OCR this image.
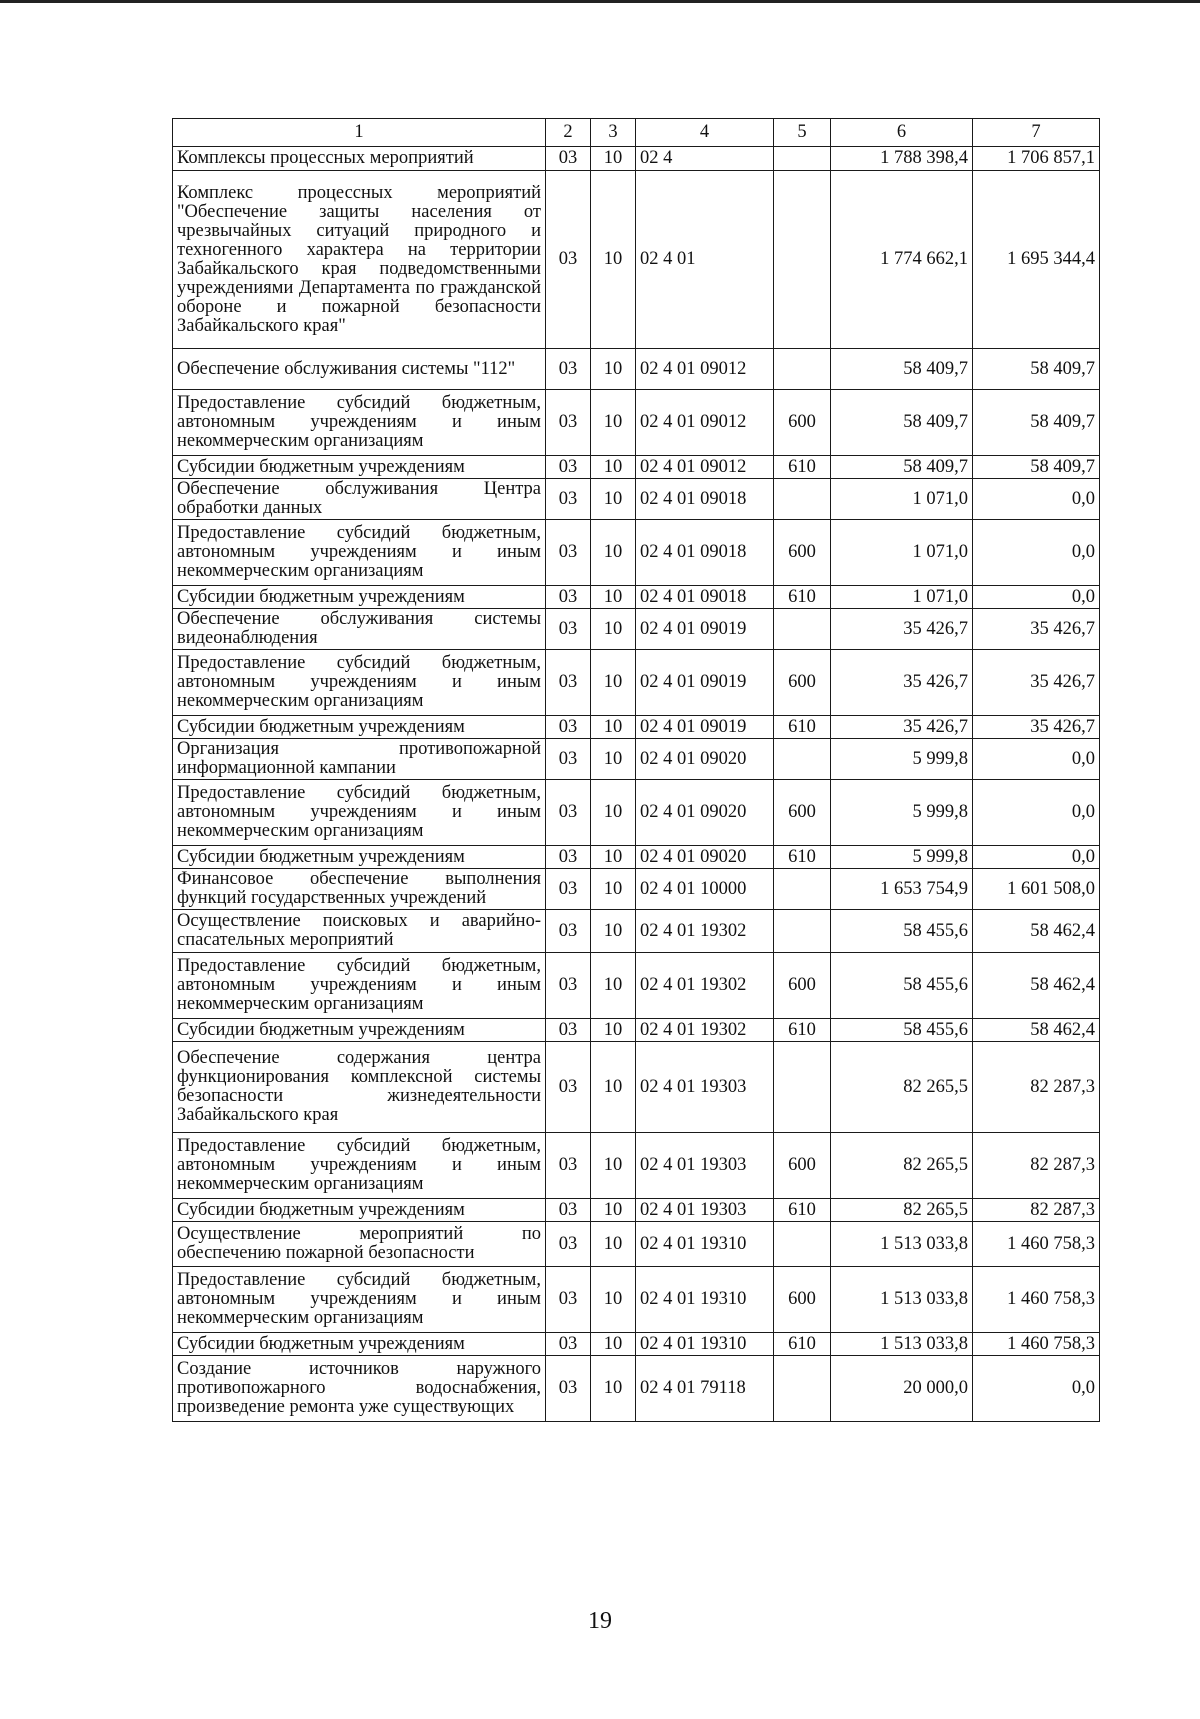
1	2	3	4	5	6	7
Комплексы процессных мероприятий	03	10	02 4		1 788 398,4	1 706 857,1
Комплекс процессных мероприятий "Обеспечение защиты населения от чрезвычайных ситуаций природного и техногенного характера на территории Забайкальского края подведомственными учреждениями Департамента по гражданской обороне и пожарной безопасности Забайкальского края"	03	10	02 4 01		1 774 662,1	1 695 344,4
Обеспечение обслуживания системы "112"	03	10	02 4 01 09012		58 409,7	58 409,7
Предоставление субсидий бюджетным, автономным учреждениям и иным некоммерческим организациям	03	10	02 4 01 09012	600	58 409,7	58 409,7
Субсидии бюджетным учреждениям	03	10	02 4 01 09012	610	58 409,7	58 409,7
Обеспечение обслуживания Центра обработки данных	03	10	02 4 01 09018		1 071,0	0,0
Предоставление субсидий бюджетным, автономным учреждениям и иным некоммерческим организациям	03	10	02 4 01 09018	600	1 071,0	0,0
Субсидии бюджетным учреждениям	03	10	02 4 01 09018	610	1 071,0	0,0
Обеспечение обслуживания системы видеонаблюдения	03	10	02 4 01 09019		35 426,7	35 426,7
Предоставление субсидий бюджетным, автономным учреждениям и иным некоммерческим организациям	03	10	02 4 01 09019	600	35 426,7	35 426,7
Субсидии бюджетным учреждениям	03	10	02 4 01 09019	610	35 426,7	35 426,7
Организация противопожарной информационной кампании	03	10	02 4 01 09020		5 999,8	0,0
Предоставление субсидий бюджетным, автономным учреждениям и иным некоммерческим организациям	03	10	02 4 01 09020	600	5 999,8	0,0
Субсидии бюджетным учреждениям	03	10	02 4 01 09020	610	5 999,8	0,0
Финансовое обеспечение выполнения функций государственных учреждений	03	10	02 4 01 10000		1 653 754,9	1 601 508,0
Осуществление поисковых и аварийно-спасательных мероприятий	03	10	02 4 01 19302		58 455,6	58 462,4
Предоставление субсидий бюджетным, автономным учреждениям и иным некоммерческим организациям	03	10	02 4 01 19302	600	58 455,6	58 462,4
Субсидии бюджетным учреждениям	03	10	02 4 01 19302	610	58 455,6	58 462,4
Обеспечение содержания центра функционирования комплексной системы безопасности жизнедеятельности Забайкальского края	03	10	02 4 01 19303		82 265,5	82 287,3
Предоставление субсидий бюджетным, автономным учреждениям и иным некоммерческим организациям	03	10	02 4 01 19303	600	82 265,5	82 287,3
Субсидии бюджетным учреждениям	03	10	02 4 01 19303	610	82 265,5	82 287,3
Осуществление мероприятий по обеспечению пожарной безопасности	03	10	02 4 01 19310		1 513 033,8	1 460 758,3
Предоставление субсидий бюджетным, автономным учреждениям и иным некоммерческим организациям	03	10	02 4 01 19310	600	1 513 033,8	1 460 758,3
Субсидии бюджетным учреждениям	03	10	02 4 01 19310	610	1 513 033,8	1 460 758,3
Создание источников наружного противопожарного водоснабжения, произведение ремонта уже существующих	03	10	02 4 01 79118		20 000,0	0,0
19
